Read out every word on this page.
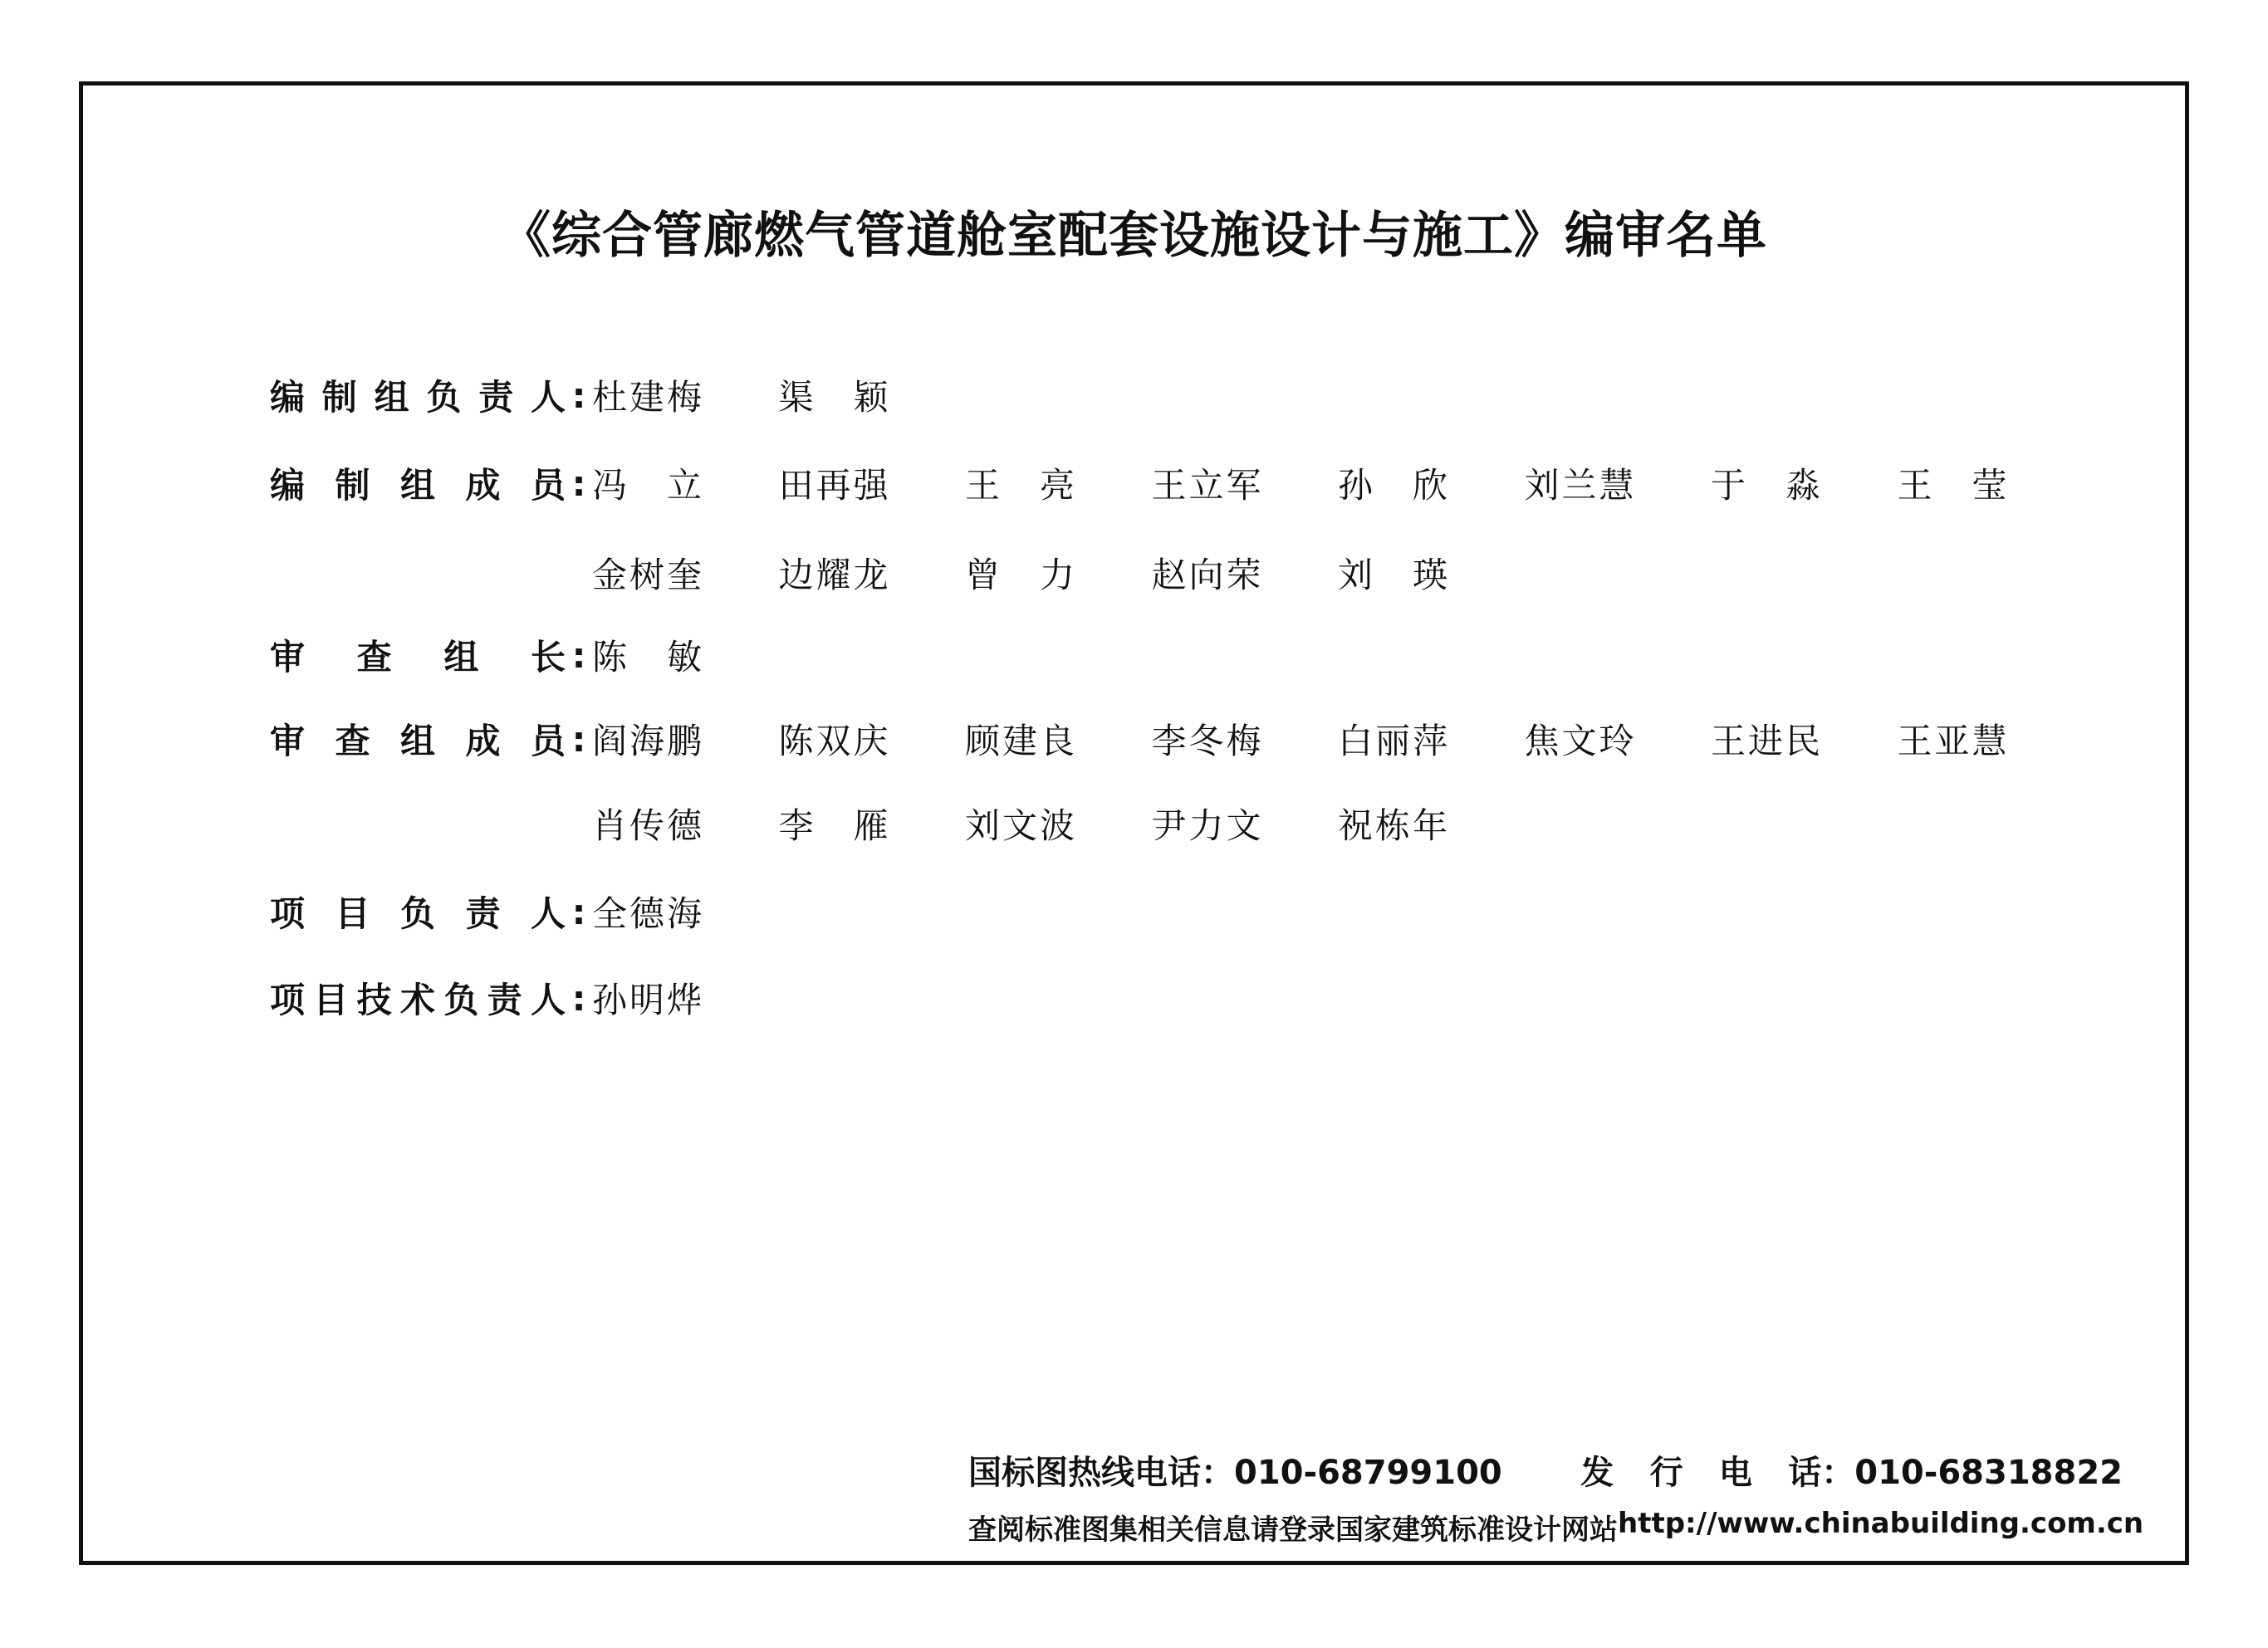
《综合管廊燃气管道舱室配套设施设计与施工》编审名单
编 制 组 负 责 人 : 杜 建 梅 渠 颖
编 制 组 成 员 : 冯 立 田 再 强 王 亮 王 立 军 孙 欣 刘 兰 慧 于 淼 王 莹
金 树 奎 边 耀 龙 曾 力 赵 向 荣 刘 瑛
审 查 组 长 : 陈 敏
审 查 组 成 员 : 阎 海 鹏 陈 双 庆 顾 建 良 李 冬 梅 白 丽 萍 焦 文 玲 王 进 民 王 亚 慧
肖 传 德 李 雁 刘 文 波 尹 力 文 祝 栋 年
项 目 负 责 人 : 全 德 海
项 目 技 术 负 责 人 : 孙 明 烨
国标图热线电话：010-68799100 发 行 电 话 ：010-68318822
查阅标准图集相关信息请登录国家建筑标准设计网站 http://www.chinabuilding.com.cn
